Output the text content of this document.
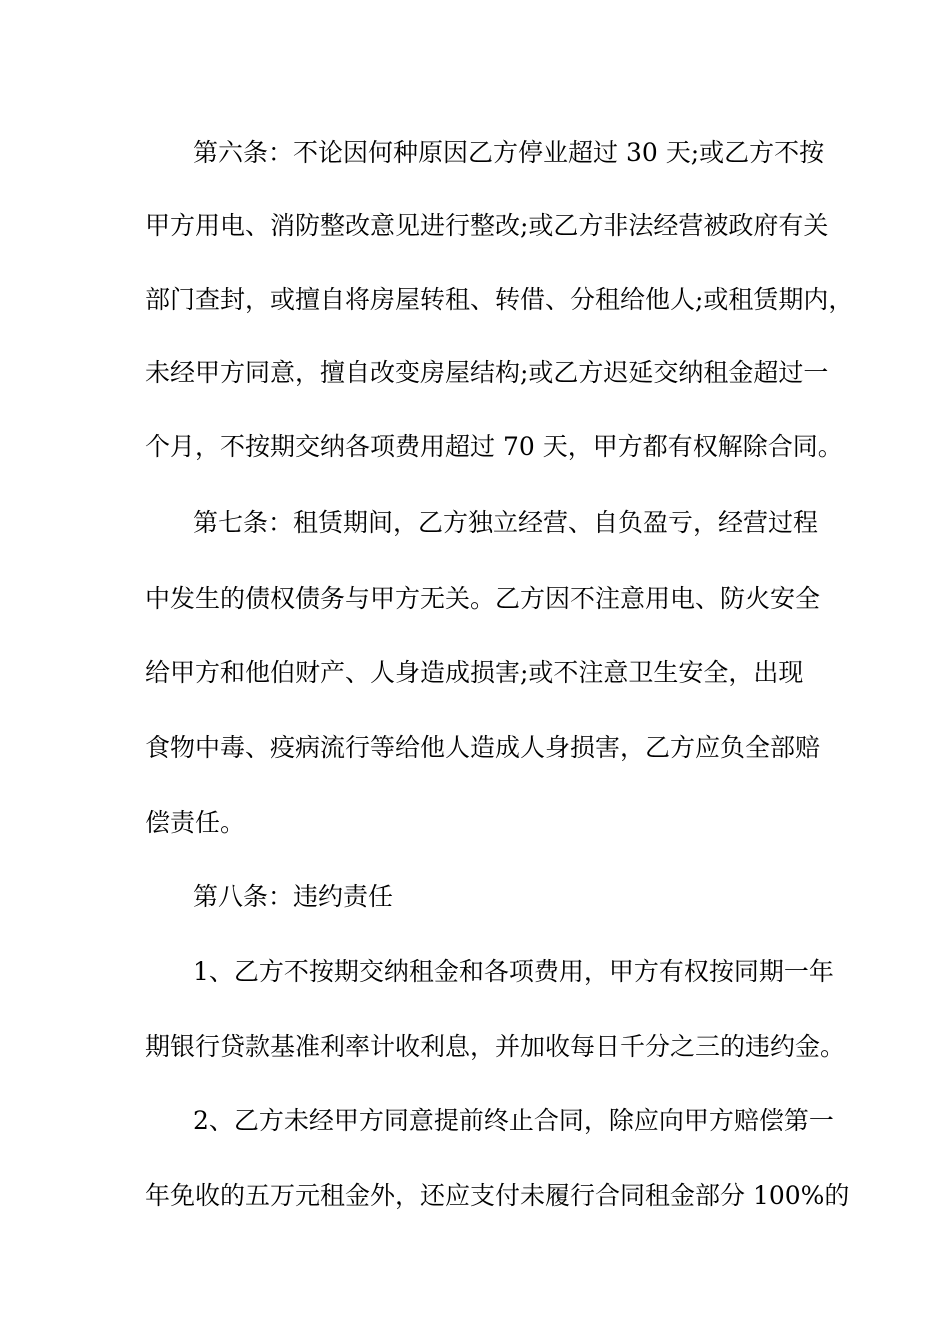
第六条：不论因何种原因乙方停业超过 30 天;或乙方不按
甲方用电、消防整改意见进行整改;或乙方非法经营被政府有关
部门查封，或擅自将房屋转租、转借、分租给他人;或租赁期内，
未经甲方同意，擅自改变房屋结构;或乙方迟延交纳租金超过一
个月，不按期交纳各项费用超过 70 天，甲方都有权解除合同。
第七条：租赁期间，乙方独立经营、自负盈亏，经营过程
中发生的债权债务与甲方无关。乙方因不注意用电、防火安全
给甲方和他伯财产、人身造成损害;或不注意卫生安全，出现
食物中毒、疫病流行等给他人造成人身损害，乙方应负全部赔
偿责任。
第八条：违约责任
1、乙方不按期交纳租金和各项费用，甲方有权按同期一年
期银行贷款基准利率计收利息，并加收每日千分之三的违约金。
2、乙方未经甲方同意提前终止合同，除应向甲方赔偿第一
年免收的五万元租金外，还应支付未履行合同租金部分 100%的
